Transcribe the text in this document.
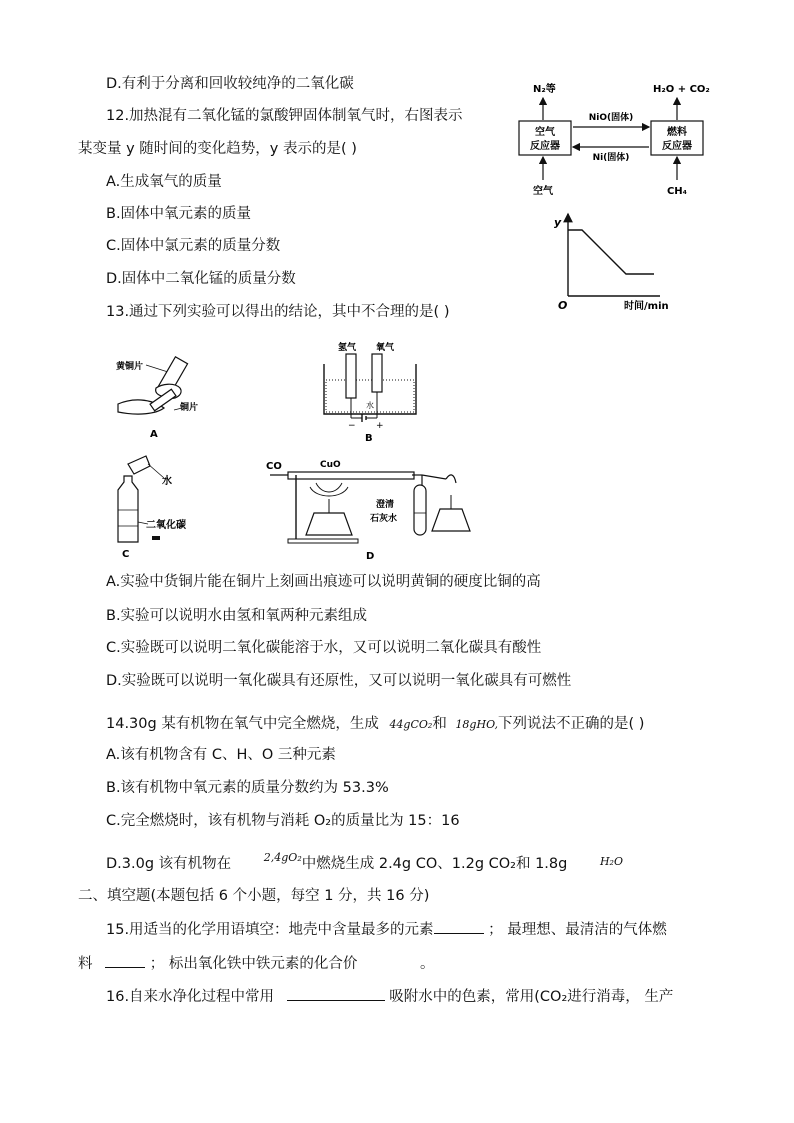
D.有利于分离和回收较纯净的二氧化碳
12.加热混有二氧化锰的氯酸钾固体制氧气时，右图表示
某变量 y 随时间的变化趋势，y 表示的是( )
A.生成氧气的质量
B.固体中氧元素的质量
C.固体中氯元素的质量分数
D.固体中二氧化锰的质量分数
N₂等	H₂O + CO₂
空气
反应器
燃料
反应器
NiO(固体)
Ni(固体)
空气	CH₄
y
O	时间/min
13.通过下列实验可以得出的结论，其中不合理的是( )
黄铜片
铜片
A
氢气 氧气
水
− +
B
水
二氧化碳
C
CO	CuO
澄清
石灰水
D
A.实验中货铜片能在铜片上刻画出痕迹可以说明黄铜的硬度比铜的高
B.实验可以说明水由氢和氧两种元素组成
C.实验既可以说明二氧化碳能溶于水，又可以说明二氧化碳具有酸性
D.实验既可以说明一氧化碳具有还原性，又可以说明一氧化碳具有可燃性
14.30g 某有机物在氧气中完全燃烧，生成 44gCO₂和 18gHO,下列说法不正确的是( )
A.该有机物含有 C、H、O 三种元素
B.该有机物中氧元素的质量分数约为 53.3%
C.完全燃烧时，该有机物与消耗 O₂的质量比为 15：16
D.3.0g 该有机物在	$^{2,4gO_2}$中燃烧生成 2.4g CO、1.2g CO₂和 1.8g	$^{H_2O}$
二、填空题(本题包括 6 个小题，每空 1 分，共 16 分)
15.用适当的化学用语填空：地壳中含量最多的元素	； 最理想、最清洁的气体燃
料	； 标出氧化铁中铁元素的化合价	。
16.自来水净化过程中常用	吸附水中的色素，常用(CO₂进行消毒， 生产
